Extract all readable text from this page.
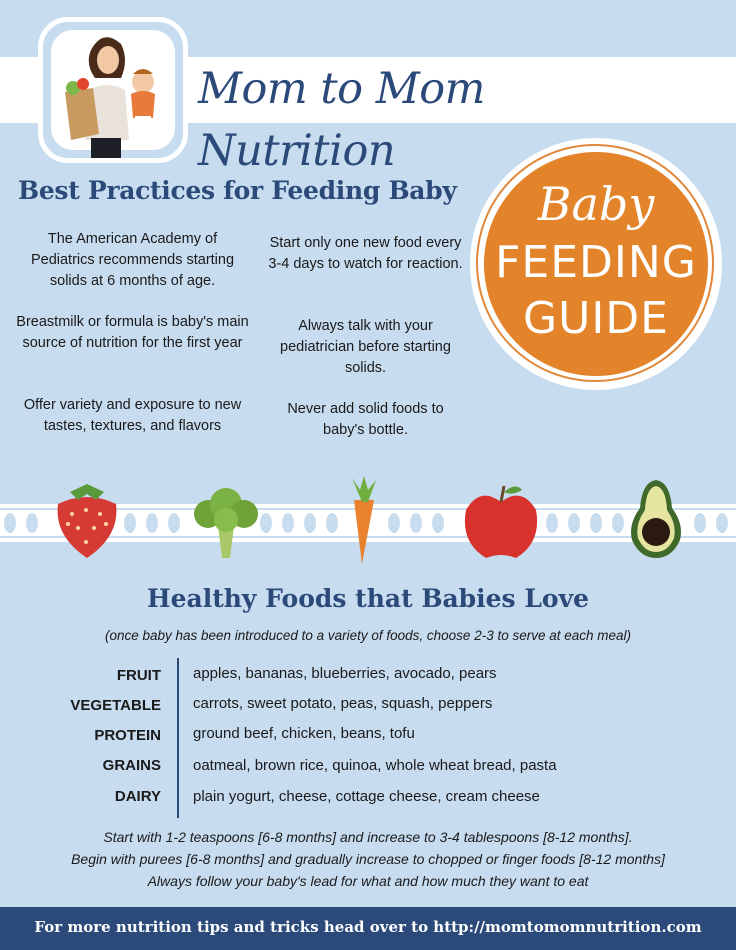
Mom to Mom Nutrition
Best Practices for Feeding Baby
The American Academy of Pediatrics recommends starting solids at 6 months of age.
Breastmilk or formula is baby's main source of nutrition for the first year
Offer variety and exposure to new tastes, textures, and flavors
Start only one new food every 3-4 days to watch for reaction.
Always talk with your pediatrician before starting solids.
Never add solid foods to baby's bottle.
Baby
FEEDING
GUIDE
Healthy Foods that Babies Love
(once baby has been introduced to a variety of foods, choose 2-3 to serve at each meal)
FRUIT apples, bananas, blueberries, avocado, pears
VEGETABLE carrots, sweet potato, peas, squash, peppers
PROTEIN ground beef, chicken, beans, tofu
GRAINS oatmeal, brown rice, quinoa, whole wheat bread, pasta
DAIRY plain yogurt, cheese, cottage cheese, cream cheese
Start with 1-2 teaspoons [6-8 months] and increase to 3-4 tablespoons [8-12 months].
Begin with purees [6-8 months] and gradually increase to chopped or finger foods [8-12 months]
Always follow your baby's lead for what and how much they want to eat
For more nutrition tips and tricks head over to http://momtomomnutrition.com
